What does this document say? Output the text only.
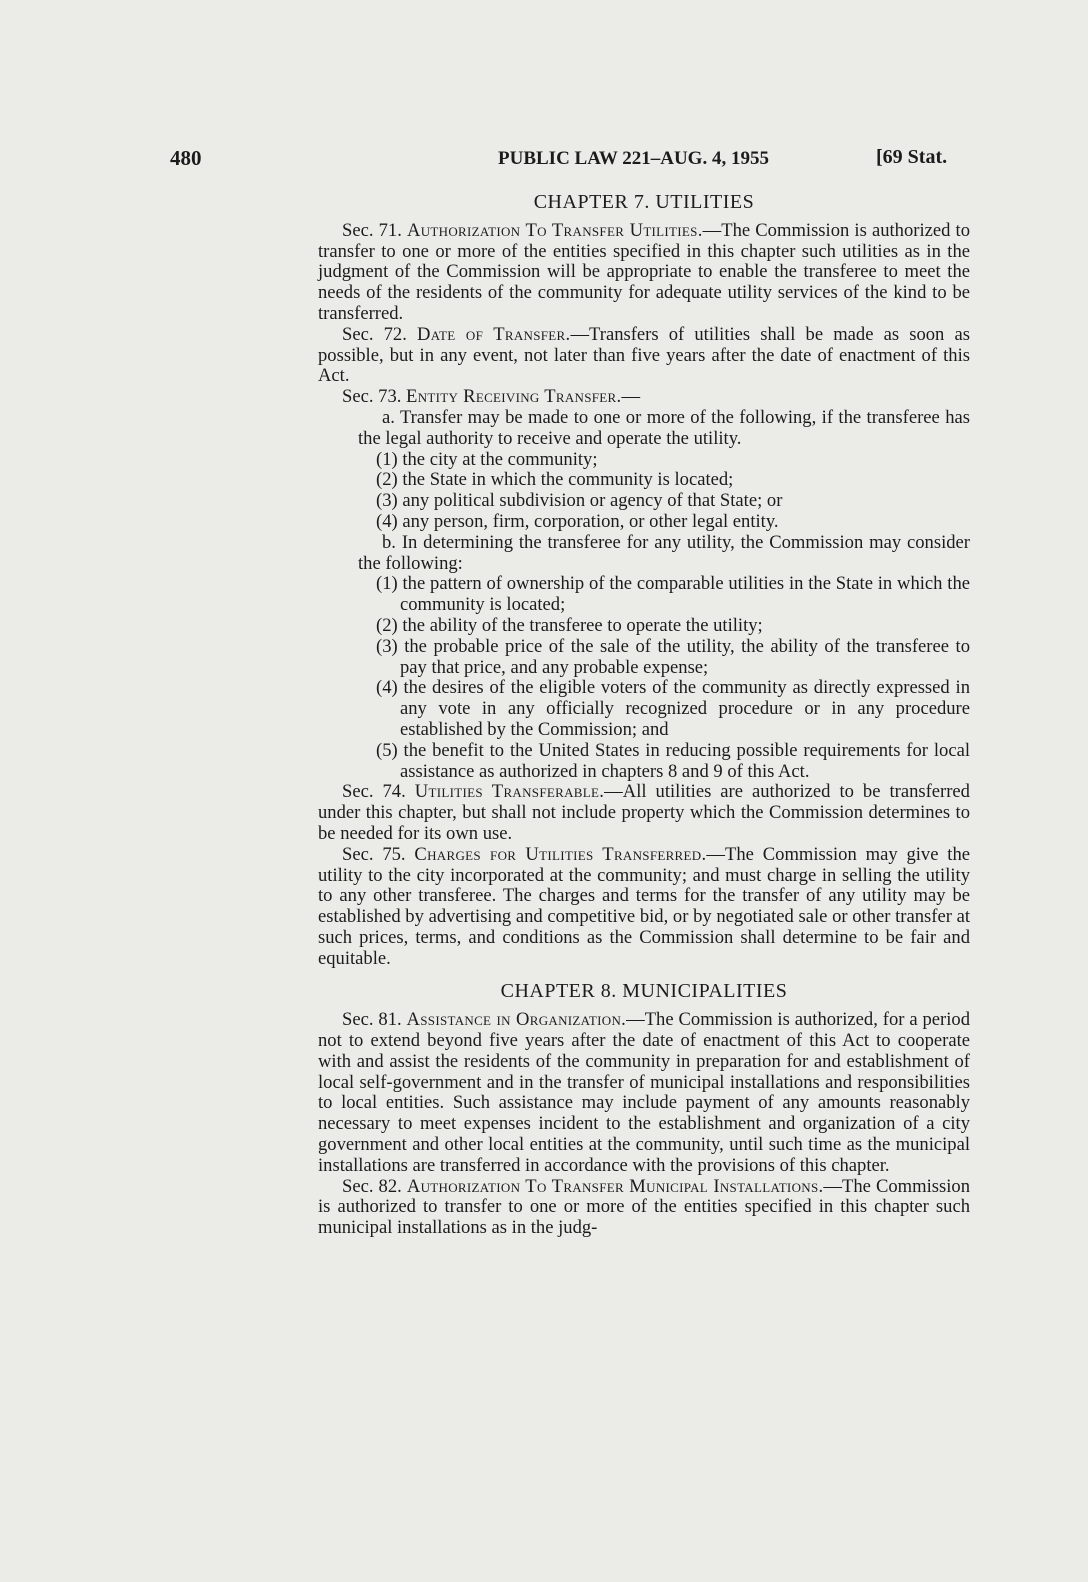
480	PUBLIC LAW 221–AUG. 4, 1955	[69 Stat.

CHAPTER 7. UTILITIES

Sec. 71. Authorization To Transfer Utilities.—The Commission is authorized to transfer to one or more of the entities specified in this chapter such utilities as in the judgment of the Commission will be appropriate to enable the transferee to meet the needs of the residents of the community for adequate utility services of the kind to be transferred.

Sec. 72. Date of Transfer.—Transfers of utilities shall be made as soon as possible, but in any event, not later than five years after the date of enactment of this Act.

Sec. 73. Entity Receiving Transfer.—

a. Transfer may be made to one or more of the following, if the transferee has the legal authority to receive and operate the utility.

(1) the city at the community;

(2) the State in which the community is located;

(3) any political subdivision or agency of that State; or

(4) any person, firm, corporation, or other legal entity.

b. In determining the transferee for any utility, the Commission may consider the following:

(1) the pattern of ownership of the comparable utilities in the State in which the community is located;

(2) the ability of the transferee to operate the utility;

(3) the probable price of the sale of the utility, the ability of the transferee to pay that price, and any probable expense;

(4) the desires of the eligible voters of the community as directly expressed in any vote in any officially recognized procedure or in any procedure established by the Commission; and

(5) the benefit to the United States in reducing possible requirements for local assistance as authorized in chapters 8 and 9 of this Act.

Sec. 74. Utilities Transferable.—All utilities are authorized to be transferred under this chapter, but shall not include property which the Commission determines to be needed for its own use.

Sec. 75. Charges for Utilities Transferred.—The Commission may give the utility to the city incorporated at the community; and must charge in selling the utility to any other transferee. The charges and terms for the transfer of any utility may be established by advertising and competitive bid, or by negotiated sale or other transfer at such prices, terms, and conditions as the Commission shall determine to be fair and equitable.

CHAPTER 8. MUNICIPALITIES

Sec. 81. Assistance in Organization.—The Commission is authorized, for a period not to extend beyond five years after the date of enactment of this Act to cooperate with and assist the residents of the community in preparation for and establishment of local self-government and in the transfer of municipal installations and responsibilities to local entities. Such assistance may include payment of any amounts reasonably necessary to meet expenses incident to the establishment and organization of a city government and other local entities at the community, until such time as the municipal installations are transferred in accordance with the provisions of this chapter.

Sec. 82. Authorization To Transfer Municipal Installations.—The Commission is authorized to transfer to one or more of the entities specified in this chapter such municipal installations as in the judg-
